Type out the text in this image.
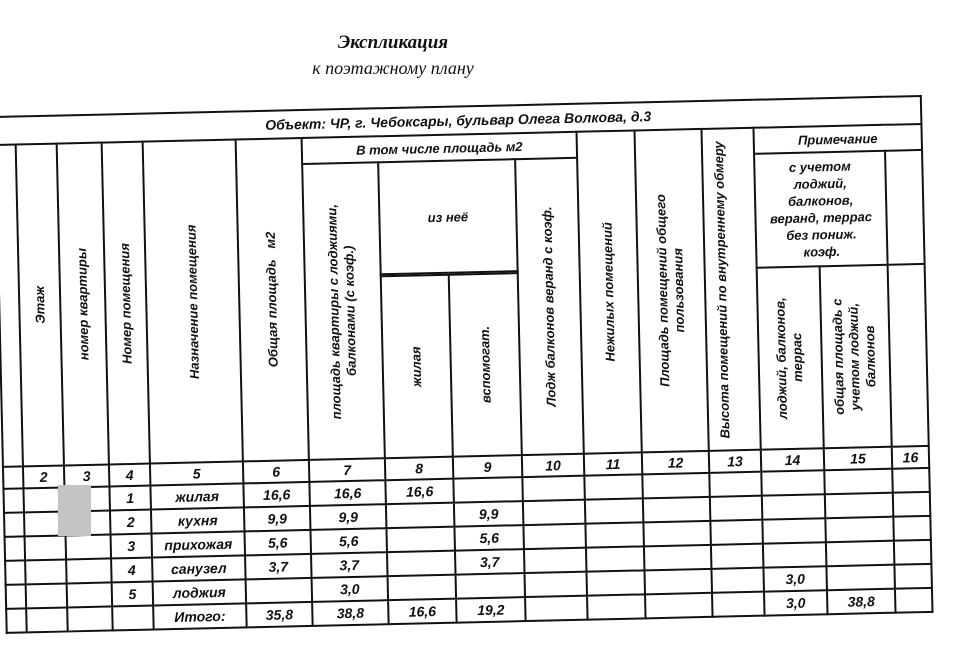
Экспликация
к поэтажному плану
Объект: ЧР, г. Чебоксары, бульвар Олега Волкова, д.3															

	Этаж	номер квартиры	Номер помещения	Назначение помещения	Общая площадь   м2	В том числе площадь м2				Нежилых помещений	Площадь помещений общего пользования	Высота помещений по внутреннему обмеру	Примечание		

						площадь квартиры с лоджиями, балконами (с коэф.)	из неё		Лодж балконов веранд с коэф.				с учетом лоджий, балконов, веранд, террас без пониж. коэф.		

							жилая	вспомогат.					лоджий, балконов, террас	общая площадь с учетом лоджий, балконов	

	2	3	4	5	6	7	8	9	10	11	12	13	14	15	16
			1	жилая	16,6	16,6	16,6								
			2	кухня	9,9	9,9		9,9							
			3	прихожая	5,6	5,6		5,6							
			4	санузел	3,7	3,7		3,7							
			5	лоджия		3,0							3,0		
				Итого:	35,8	38,8	16,6	19,2					3,0	38,8	
